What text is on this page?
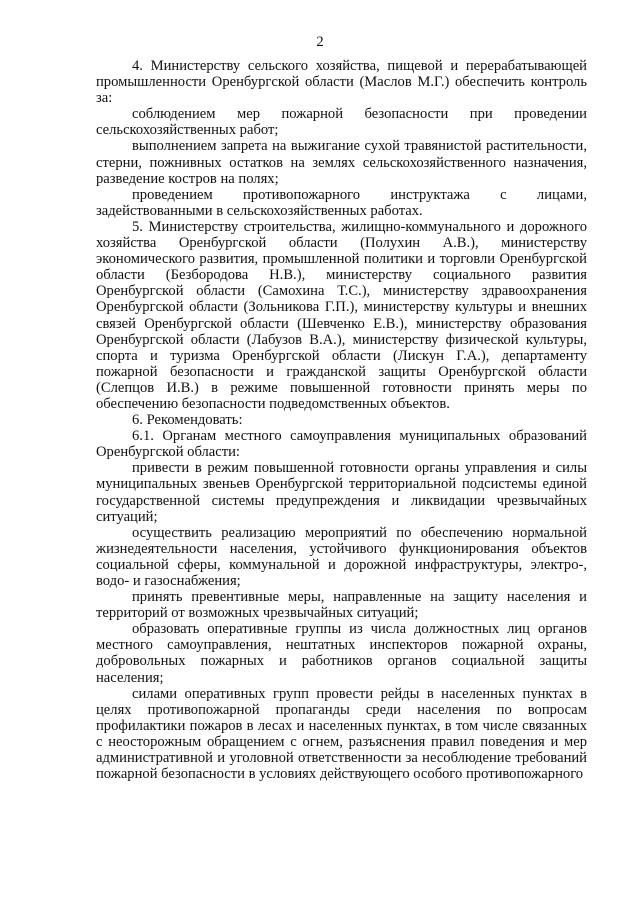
2

4. Министерству сельского хозяйства, пищевой и перерабатывающей промышленности Оренбургской области (Маслов М.Г.) обеспечить контроль за:

соблюдением мер пожарной безопасности при проведении сельскохозяйственных работ;

выполнением запрета на выжигание сухой травянистой растительности, стерни, пожнивных остатков на землях сельскохозяйственного назначения, разведение костров на полях;

проведением противопожарного инструктажа с лицами, задействованными в сельскохозяйственных работах.

5. Министерству строительства, жилищно-коммунального и дорожного хозяйства Оренбургской области (Полухин А.В.), министерству экономического развития, промышленной политики и торговли Оренбургской области (Безбородова Н.В.), министерству социального развития Оренбургской области (Самохина Т.С.), министерству здравоохранения Оренбургской области (Зольникова Г.П.), министерству культуры и внешних связей Оренбургской области (Шевченко Е.В.), министерству образования Оренбургской области (Лабузов В.А.), министерству физической культуры, спорта и туризма Оренбургской области (Лискун Г.А.), департаменту пожарной безопасности и гражданской защиты Оренбургской области (Слепцов И.В.) в режиме повышенной готовности принять меры по обеспечению безопасности подведомственных объектов.

6. Рекомендовать:

6.1. Органам местного самоуправления муниципальных образований Оренбургской области:

привести в режим повышенной готовности органы управления и силы муниципальных звеньев Оренбургской территориальной подсистемы единой государственной системы предупреждения и ликвидации чрезвычайных ситуаций;

осуществить реализацию мероприятий по обеспечению нормальной жизнедеятельности населения, устойчивого функционирования объектов социальной сферы, коммунальной и дорожной инфраструктуры, электро-, водо- и газоснабжения;

принять превентивные меры, направленные на защиту населения и территорий от возможных чрезвычайных ситуаций;

образовать оперативные группы из числа должностных лиц органов местного самоуправления, нештатных инспекторов пожарной охраны, добровольных пожарных и работников органов социальной защиты населения;

силами оперативных групп провести рейды в населенных пунктах в целях противопожарной пропаганды среди населения по вопросам профилактики пожаров в лесах и населенных пунктах, в том числе связанных с неосторожным обращением с огнем, разъяснения правил поведения и мер административной и уголовной ответственности за несоблюдение требований пожарной безопасности в условиях действующего особого противопожарного
